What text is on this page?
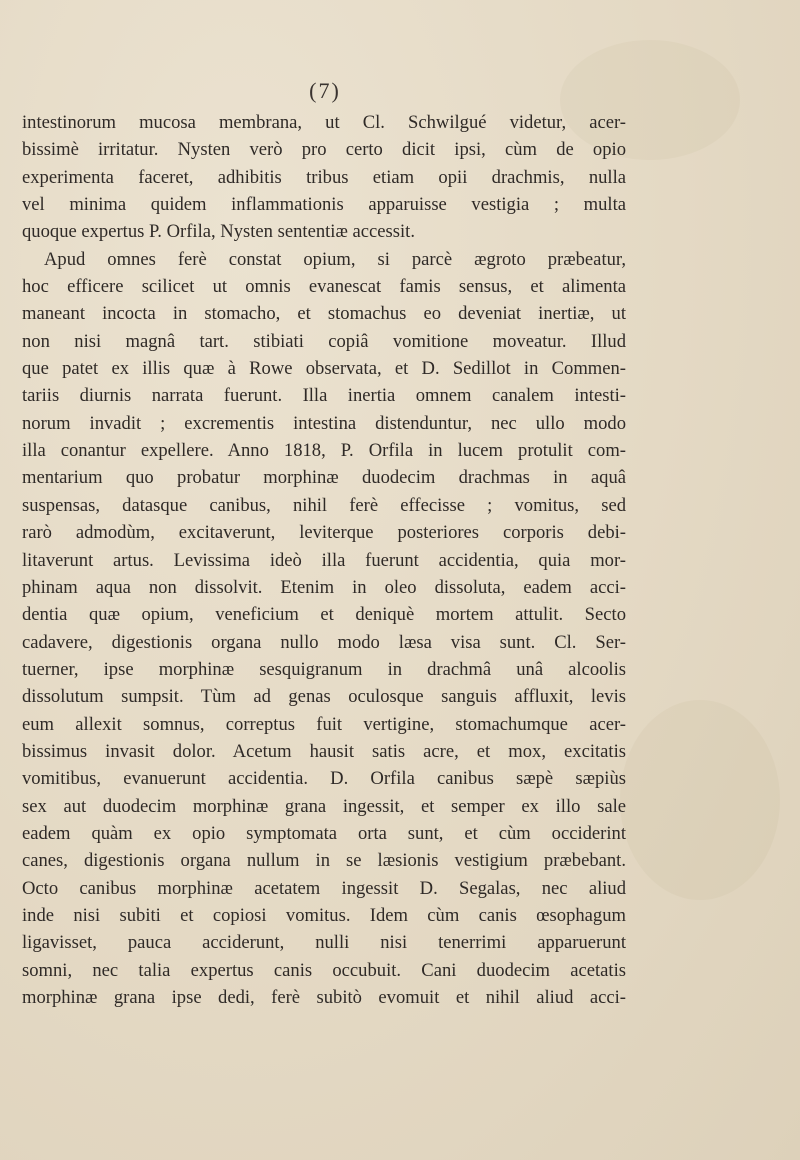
(7)
intestinorum mucosa membrana, ut Cl. Schwilgué videtur, acer-
bissimè irritatur. Nysten verò pro certo dicit ipsi, cùm de opio
experimenta faceret, adhibitis tribus etiam opii drachmis, nulla
vel minima quidem inflammationis apparuisse vestigia ; multa
quoque expertus P. Orfila, Nysten sententiæ accessit.
Apud omnes ferè constat opium, si parcè ægroto præbeatur,
hoc efficere scilicet ut omnis evanescat famis sensus, et alimenta
maneant incocta in stomacho, et stomachus eo deveniat inertiæ, ut
non nisi magnâ tart. stibiati copiâ vomitione moveatur. Illud
que patet ex illis quæ à Rowe observata, et D. Sedillot in Commen-
tariis diurnis narrata fuerunt. Illa inertia omnem canalem intesti-
norum invadit ; excrementis intestina distenduntur, nec ullo modo
illa conantur expellere. Anno 1818, P. Orfila in lucem protulit com-
mentarium quo probatur morphinæ duodecim drachmas in aquâ
suspensas, datasque canibus, nihil ferè effecisse ; vomitus, sed
rarò admodùm, excitaverunt, leviterque posteriores corporis debi-
litaverunt artus. Levissima ideò illa fuerunt accidentia, quia mor-
phinam aqua non dissolvit. Etenim in oleo dissoluta, eadem acci-
dentia quæ opium, veneficium et deniquè mortem attulit. Secto
cadavere, digestionis organa nullo modo læsa visa sunt. Cl. Ser-
tuerner, ipse morphinæ sesquigranum in drachmâ unâ alcoolis
dissolutum sumpsit. Tùm ad genas oculosque sanguis affluxit, levis
eum allexit somnus, correptus fuit vertigine, stomachumque acer-
bissimus invasit dolor. Acetum hausit satis acre, et mox, excitatis
vomitibus, evanuerunt accidentia. D. Orfila canibus sæpè sæpiùs
sex aut duodecim morphinæ grana ingessit, et semper ex illo sale
eadem quàm ex opio symptomata orta sunt, et cùm occiderint
canes, digestionis organa nullum in se læsionis vestigium præbebant.
Octo canibus morphinæ acetatem ingessit D. Segalas, nec aliud
inde nisi subiti et copiosi vomitus. Idem cùm canis œsophagum
ligavisset, pauca acciderunt, nulli nisi tenerrimi apparuerunt
somni, nec talia expertus canis occubuit. Cani duodecim acetatis
morphinæ grana ipse dedi, ferè subitò evomuit et nihil aliud acci-
